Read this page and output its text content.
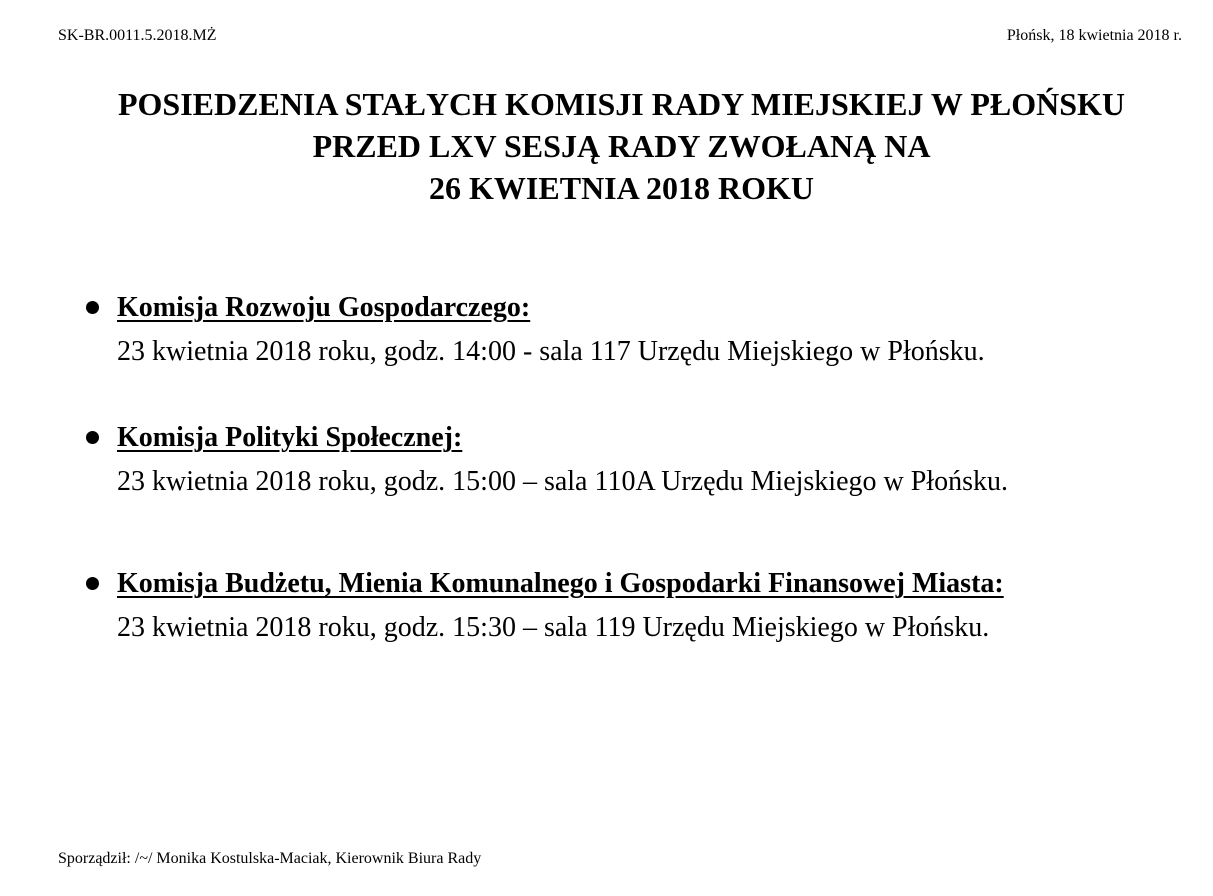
SK-BR.0011.5.2018.MŻ	Płońsk, 18 kwietnia 2018 r.
POSIEDZENIA STAŁYCH KOMISJI RADY MIEJSKIEJ W PŁOŃSKU
PRZED LXV SESJĄ RADY ZWOŁANĄ NA
26 KWIETNIA 2018 ROKU
Komisja Rozwoju Gospodarczego:
23 kwietnia 2018 roku, godz. 14:00 - sala 117 Urzędu Miejskiego w Płońsku.
Komisja Polityki Społecznej:
23 kwietnia 2018 roku, godz. 15:00 – sala 110A Urzędu Miejskiego w Płońsku.
Komisja Budżetu, Mienia Komunalnego i Gospodarki Finansowej Miasta:
23 kwietnia 2018 roku, godz. 15:30 – sala 119 Urzędu Miejskiego w Płońsku.
Sporządził: /~/ Monika Kostulska-Maciak, Kierownik Biura Rady
